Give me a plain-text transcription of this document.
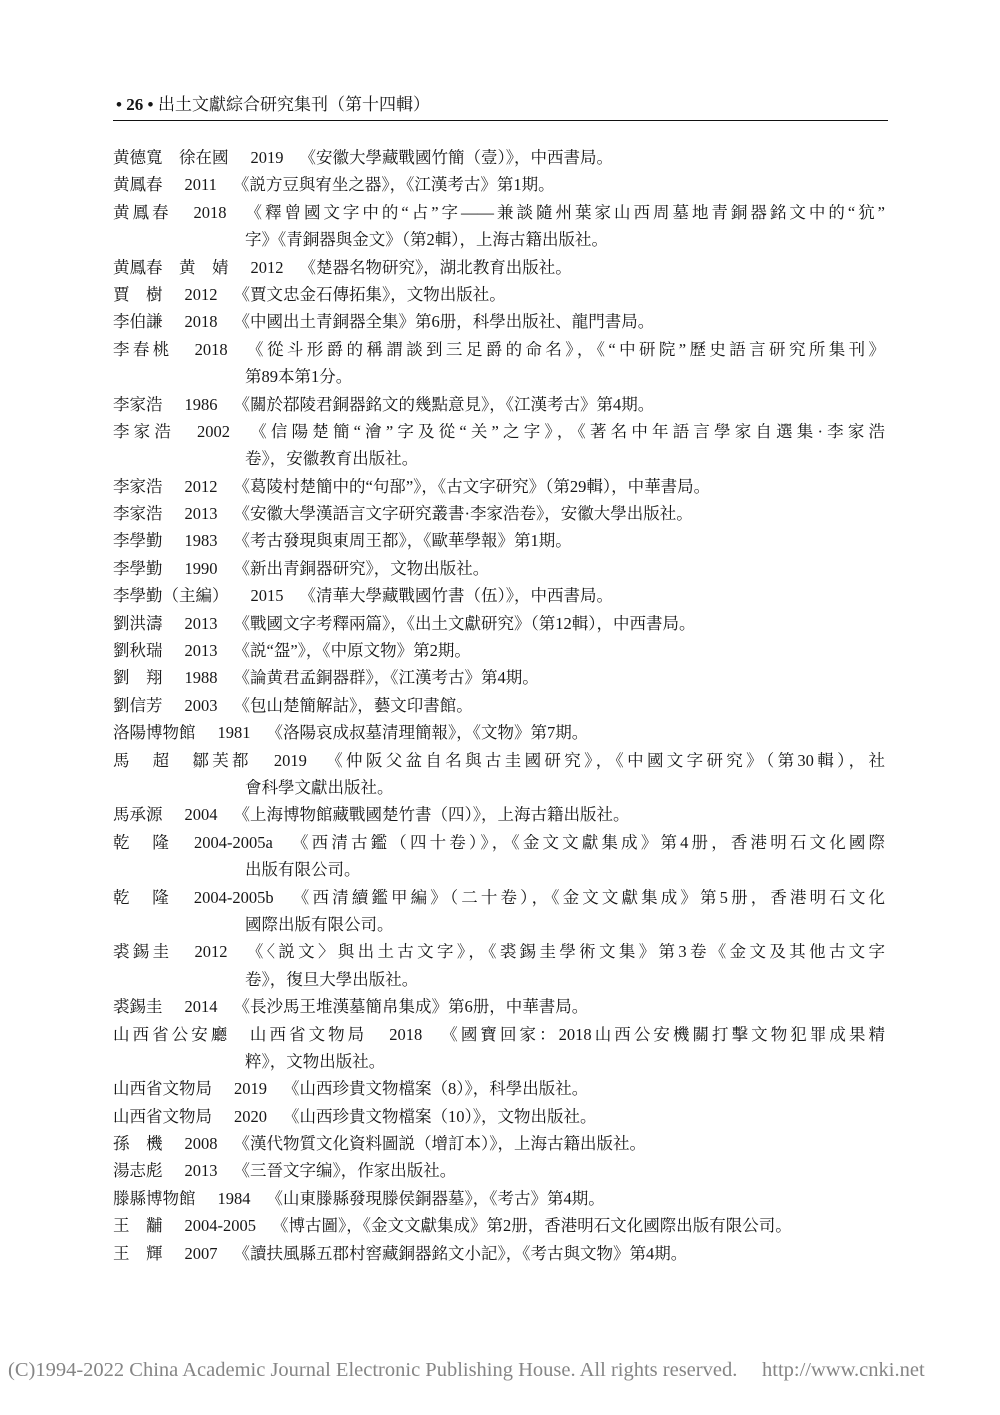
• 26 • 出土文獻綜合研究集刊（第十四輯）
黄德寬　徐在國 2019 《安徽大學藏戰國竹簡（壹）》，中西書局。
黄鳳春 2011 《説方豆與宥坐之器》，《江漢考古》第1期。
黄鳳春 2018 《釋曾國文字中的“占”字——兼談隨州葉家山西周墓地青銅器銘文中的“犺”
字》《青銅器與金文》（第2輯），上海古籍出版社。
黄鳳春　黄　婧 2012 《楚器名物研究》，湖北教育出版社。
賈　樹 2012 《賈文忠金石傳拓集》，文物出版社。
李伯謙 2018 《中國出土青銅器全集》第6册，科學出版社、龍門書局。
李春桃 2018 《從斗形爵的稱謂談到三足爵的命名》，《“中研院”歷史語言研究所集刊》
第89本第1分。
李家浩 1986 《關於鄀陵君銅器銘文的幾點意見》，《江漢考古》第4期。
李家浩 2002 《信陽楚簡“澮”字及從“关”之字》，《著名中年語言學家自選集·李家浩
卷》，安徽教育出版社。
李家浩 2012 《葛陵村楚簡中的“句郚”》，《古文字研究》（第29輯），中華書局。
李家浩 2013 《安徽大學漢語言文字研究叢書·李家浩卷》，安徽大學出版社。
李學勤 1983 《考古發現與東周王都》，《歐華學報》第1期。
李學勤 1990 《新出青銅器研究》，文物出版社。
李學勤（主編） 2015 《清華大學藏戰國竹書（伍）》，中西書局。
劉洪濤 2013 《戰國文字考釋兩篇》，《出土文獻研究》（第12輯），中西書局。
劉秋瑞 2013 《説“盌”》，《中原文物》第2期。
劉　翔 1988 《論黄君孟銅器群》，《江漢考古》第4期。
劉信芳 2003 《包山楚簡解詁》，藝文印書館。
洛陽博物館 1981 《洛陽哀成叔墓清理簡報》，《文物》第7期。
馬　超　鄒芙都 2019 《仲阪父盆自名與古圭國研究》，《中國文字研究》（第30輯），社
會科學文獻出版社。
馬承源 2004 《上海博物館藏戰國楚竹書（四）》，上海古籍出版社。
乾　隆 2004-2005a 《西清古鑑（四十卷）》，《金文文獻集成》第4册，香港明石文化國際
出版有限公司。
乾　隆 2004-2005b 《西清續鑑甲編》（二十卷），《金文文獻集成》第5册，香港明石文化
國際出版有限公司。
裘錫圭 2012 《〈説文〉與出土古文字》，《裘錫圭學術文集》第3卷《金文及其他古文字
卷》，復旦大學出版社。
裘錫圭 2014 《長沙馬王堆漢墓簡帛集成》第6册，中華書局。
山西省公安廳　山西省文物局 2018 《國寶回家：2018山西公安機關打擊文物犯罪成果精
粹》，文物出版社。
山西省文物局 2019 《山西珍貴文物檔案（8）》，科學出版社。
山西省文物局 2020 《山西珍貴文物檔案（10）》，文物出版社。
孫　機 2008 《漢代物質文化資料圖説（增訂本）》，上海古籍出版社。
湯志彪 2013 《三晉文字编》，作家出版社。
滕縣博物館 1984 《山東滕縣發現滕侯銅器墓》，《考古》第4期。
王　黼 2004-2005 《博古圖》，《金文文獻集成》第2册，香港明石文化國際出版有限公司。
王　輝 2007 《讀扶風縣五郡村窖藏銅器銘文小記》，《考古與文物》第4期。
(C)1994-2022 China Academic Journal Electronic Publishing House. All rights reserved. http://www.cnki.net
